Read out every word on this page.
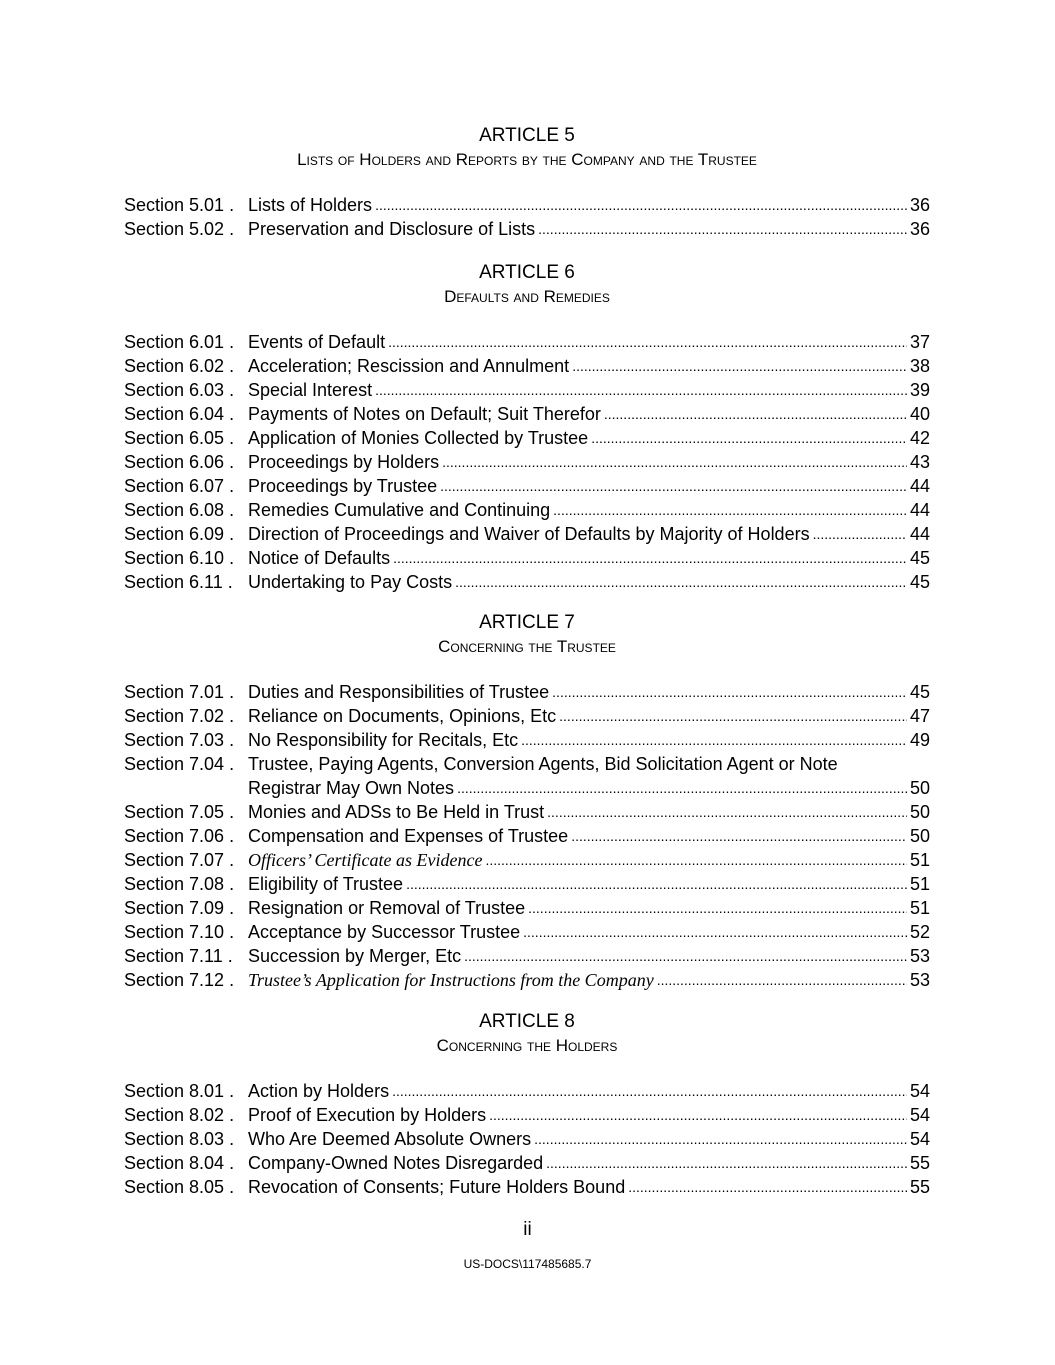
ARTICLE 5
Lists of Holders and Reports by the Company and the Trustee
Section 5.01 . Lists of Holders .....	36
Section 5.02 . Preservation and Disclosure of Lists .....	36
ARTICLE 6
Defaults and Remedies
Section 6.01 . Events of Default .....	37
Section 6.02 . Acceleration; Rescission and Annulment .....	38
Section 6.03 . Special Interest .....	39
Section 6.04 . Payments of Notes on Default; Suit Therefor .....	40
Section 6.05 . Application of Monies Collected by Trustee .....	42
Section 6.06 . Proceedings by Holders .....	43
Section 6.07 . Proceedings by Trustee .....	44
Section 6.08 . Remedies Cumulative and Continuing .....	44
Section 6.09 . Direction of Proceedings and Waiver of Defaults by Majority of Holders .....	44
Section 6.10 . Notice of Defaults .....	45
Section 6.11 . Undertaking to Pay Costs .....	45
ARTICLE 7
Concerning the Trustee
Section 7.01 . Duties and Responsibilities of Trustee .....	45
Section 7.02 . Reliance on Documents, Opinions, Etc .....	47
Section 7.03 . No Responsibility for Recitals, Etc .....	49
Section 7.04 . Trustee, Paying Agents, Conversion Agents, Bid Solicitation Agent or Note
Registrar May Own Notes .....	50
Section 7.05 . Monies and ADSs to Be Held in Trust .....	50
Section 7.06 . Compensation and Expenses of Trustee .....	50
Section 7.07 . Officers’ Certificate as Evidence .....	51
Section 7.08 . Eligibility of Trustee .....	51
Section 7.09 . Resignation or Removal of Trustee .....	51
Section 7.10 . Acceptance by Successor Trustee .....	52
Section 7.11 . Succession by Merger, Etc .....	53
Section 7.12 . Trustee’s Application for Instructions from the Company .....	53
ARTICLE 8
Concerning the Holders
Section 8.01 . Action by Holders .....	54
Section 8.02 . Proof of Execution by Holders .....	54
Section 8.03 . Who Are Deemed Absolute Owners .....	54
Section 8.04 . Company-Owned Notes Disregarded .....	55
Section 8.05 . Revocation of Consents; Future Holders Bound .....	55
ii
US-DOCS\117485685.7
